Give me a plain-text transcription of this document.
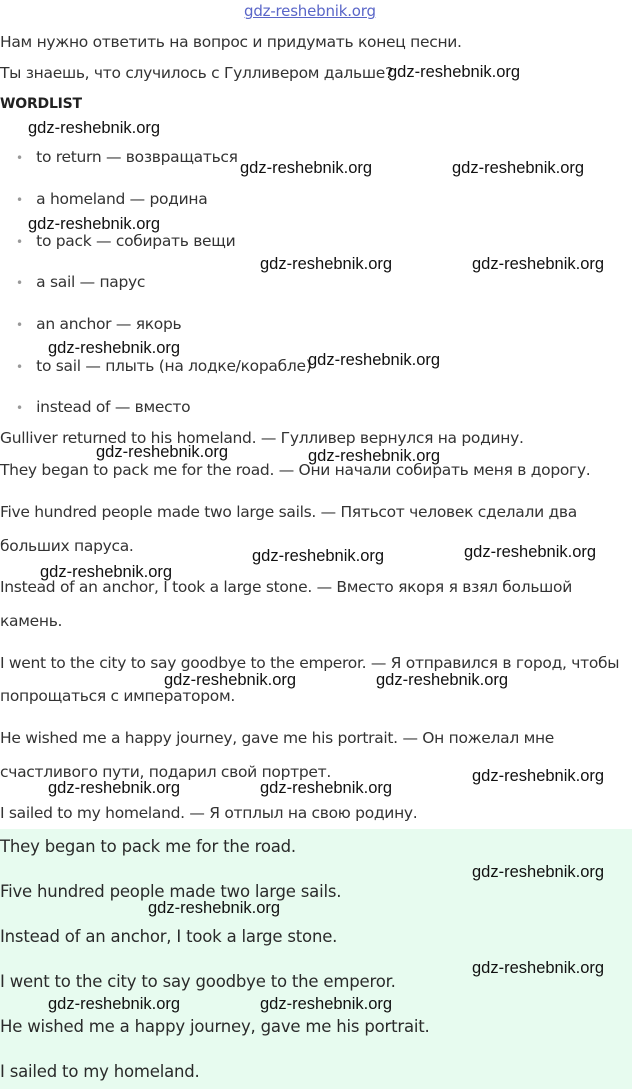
gdz-reshebnik.org
Нам нужно ответить на вопрос и придумать конец песни.
Ты знаешь, что случилось с Гулливером дальше?
WORDLIST
• to return — возвращаться
• a homeland — родина
• to pack — собирать вещи
• a sail — парус
• an anchor — якорь
• to sail — плыть (на лодке/корабле)
• instead of — вместо
Gulliver returned to his homeland. — Гулливер вернулся на родину.
They began to pack me for the road. — Они начали собирать меня в дорогу.
Five hundred people made two large sails. — Пятьсот человек сделали два
больших паруса.
Instead of an anchor, I took a large stone. — Вместо якоря я взял большой
камень.
I went to the city to say goodbye to the emperor. — Я отправился в город, чтобы
попрощаться с императором.
He wished me a happy journey, gave me his portrait. — Он пожелал мне
счастливого пути, подарил свой портрет.
I sailed to my homeland. — Я отплыл на свою родину.
They began to pack me for the road.
Five hundred people made two large sails.
Instead of an anchor, I took a large stone.
I went to the city to say goodbye to the emperor.
He wished me a happy journey, gave me his portrait.
I sailed to my homeland.
gdz-reshebnik.org
gdz-reshebnik.org
gdz-reshebnik.org	gdz-reshebnik.org
gdz-reshebnik.org
gdz-reshebnik.org	gdz-reshebnik.org
gdz-reshebnik.org
gdz-reshebnik.org
gdz-reshebnik.org	gdz-reshebnik.org
gdz-reshebnik.org	gdz-reshebnik.org
gdz-reshebnik.org
gdz-reshebnik.org	gdz-reshebnik.org
gdz-reshebnik.org
gdz-reshebnik.org	gdz-reshebnik.org
gdz-reshebnik.org
gdz-reshebnik.org
gdz-reshebnik.org
gdz-reshebnik.org	gdz-reshebnik.org
